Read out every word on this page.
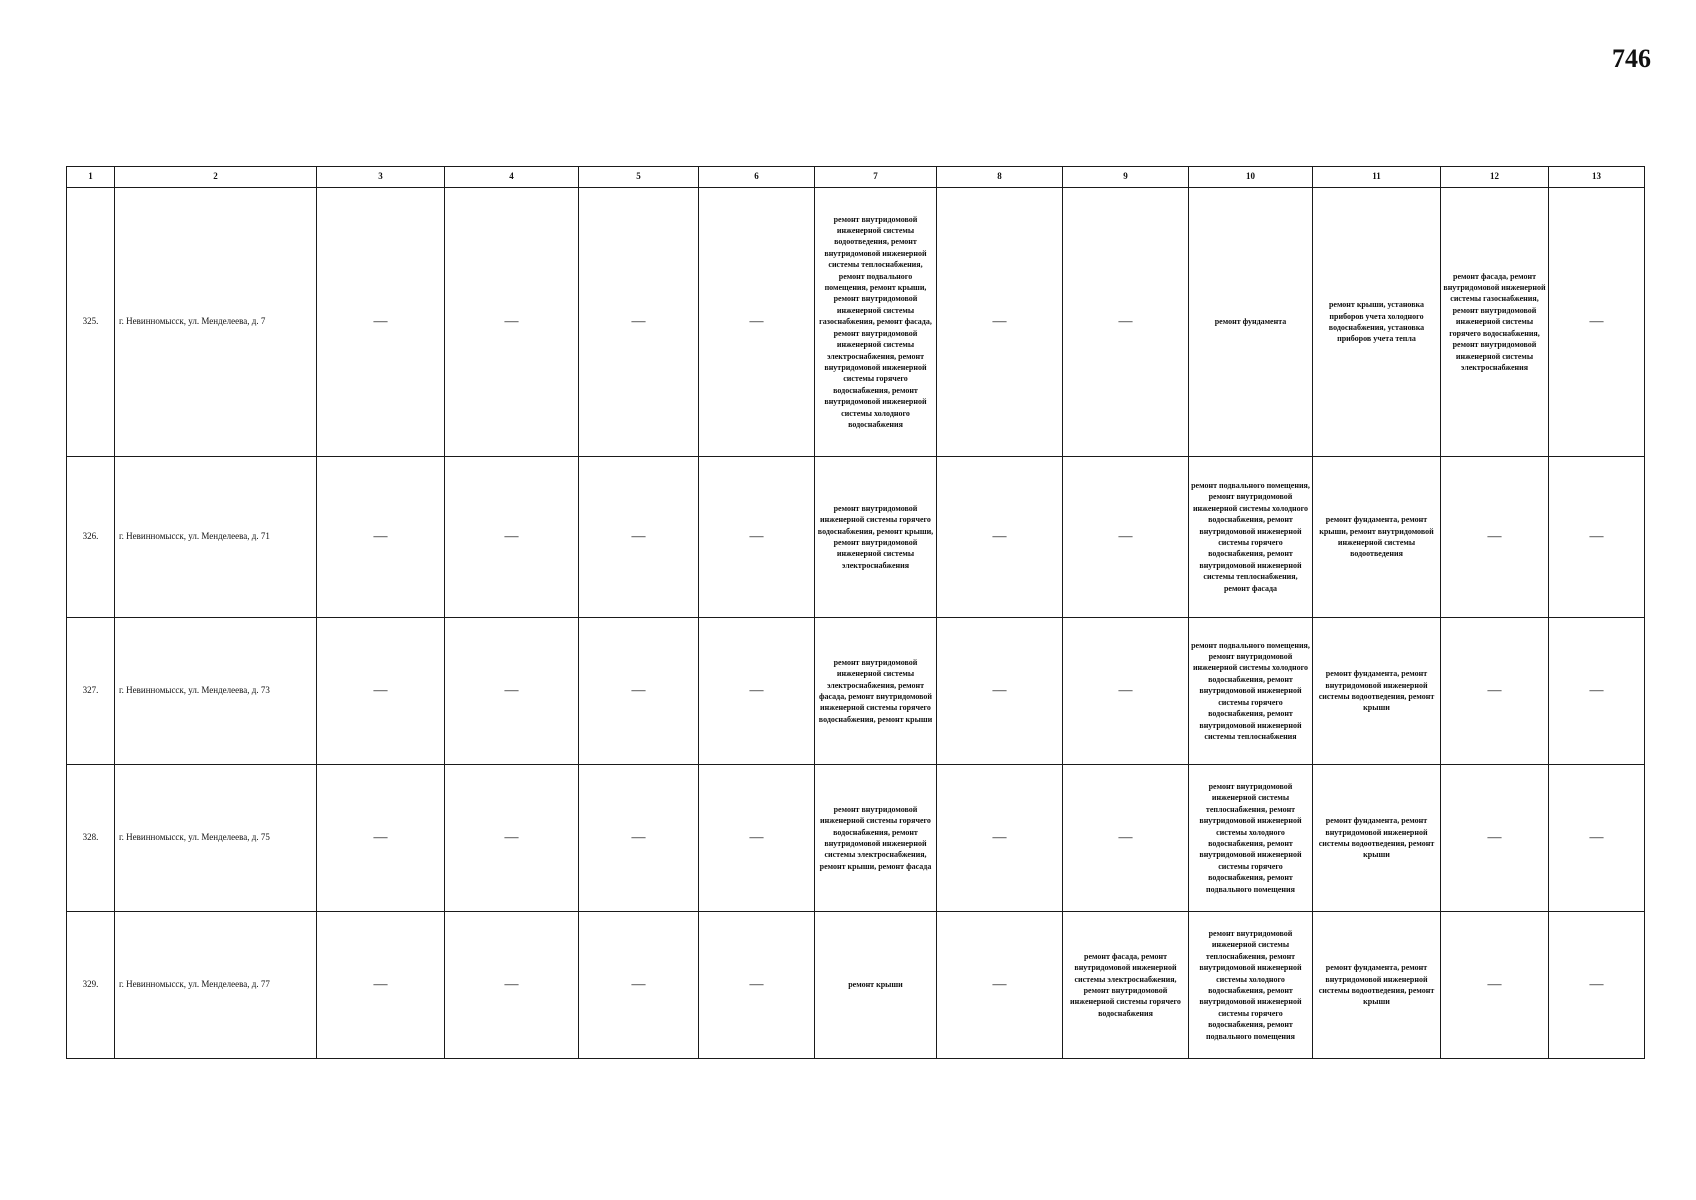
746
1	2	3	4	5	6	7	8	9	10	11	12	13
325.	г. Невинномысск, ул. Менделеева, д. 7	—	—	—	—	ремонт внутридомовой инженерной системы водоотведения, ремонт внутридомовой инженерной системы теплоснабжения, ремонт подвального помещения, ремонт крыши, ремонт внутридомовой инженерной системы газоснабжения, ремонт фасада, ремонт внутридомовой инженерной системы электроснабжения, ремонт внутридомовой инженерной системы горячего водоснабжения, ремонт внутридомовой инженерной системы холодного водоснабжения	—	—	ремонт фундамента	ремонт крыши, установка приборов учета холодного водоснабжения, установка приборов учета тепла	ремонт фасада, ремонт внутридомовой инженерной системы газоснабжения, ремонт внутридомовой инженерной системы горячего водоснабжения, ремонт внутридомовой инженерной системы электроснабжения	—
326.	г. Невинномысск, ул. Менделеева, д. 71	—	—	—	—	ремонт внутридомовой инженерной системы горячего водоснабжения, ремонт крыши, ремонт внутридомовой инженерной системы электроснабжения	—	—	ремонт подвального помещения, ремонт внутридомовой инженерной системы холодного водоснабжения, ремонт внутридомовой инженерной системы горячего водоснабжения, ремонт внутридомовой инженерной системы теплоснабжения, ремонт фасада	ремонт фундамента, ремонт крыши, ремонт внутридомовой инженерной системы водоотведения	—	—
327.	г. Невинномысск, ул. Менделеева, д. 73	—	—	—	—	ремонт внутридомовой инженерной системы электроснабжения, ремонт фасада, ремонт внутридомовой инженерной системы горячего водоснабжения, ремонт крыши	—	—	ремонт подвального помещения, ремонт внутридомовой инженерной системы холодного водоснабжения, ремонт внутридомовой инженерной системы горячего водоснабжения, ремонт внутридомовой инженерной системы теплоснабжения	ремонт фундамента, ремонт внутридомовой инженерной системы водоотведения, ремонт крыши	—	—
328.	г. Невинномысск, ул. Менделеева, д. 75	—	—	—	—	ремонт внутридомовой инженерной системы горячего водоснабжения, ремонт внутридомовой инженерной системы электроснабжения, ремонт крыши, ремонт фасада	—	—	ремонт внутридомовой инженерной системы теплоснабжения, ремонт внутридомовой инженерной системы холодного водоснабжения, ремонт внутридомовой инженерной системы горячего водоснабжения, ремонт подвального помещения	ремонт фундамента, ремонт внутридомовой инженерной системы водоотведения, ремонт крыши	—	—
329.	г. Невинномысск, ул. Менделеева, д. 77	—	—	—	—	ремонт крыши	—	ремонт фасада, ремонт внутридомовой инженерной системы электроснабжения, ремонт внутридомовой инженерной системы горячего водоснабжения	ремонт внутридомовой инженерной системы теплоснабжения, ремонт внутридомовой инженерной системы холодного водоснабжения, ремонт внутридомовой инженерной системы горячего водоснабжения, ремонт подвального помещения	ремонт фундамента, ремонт внутридомовой инженерной системы водоотведения, ремонт крыши	—	—
